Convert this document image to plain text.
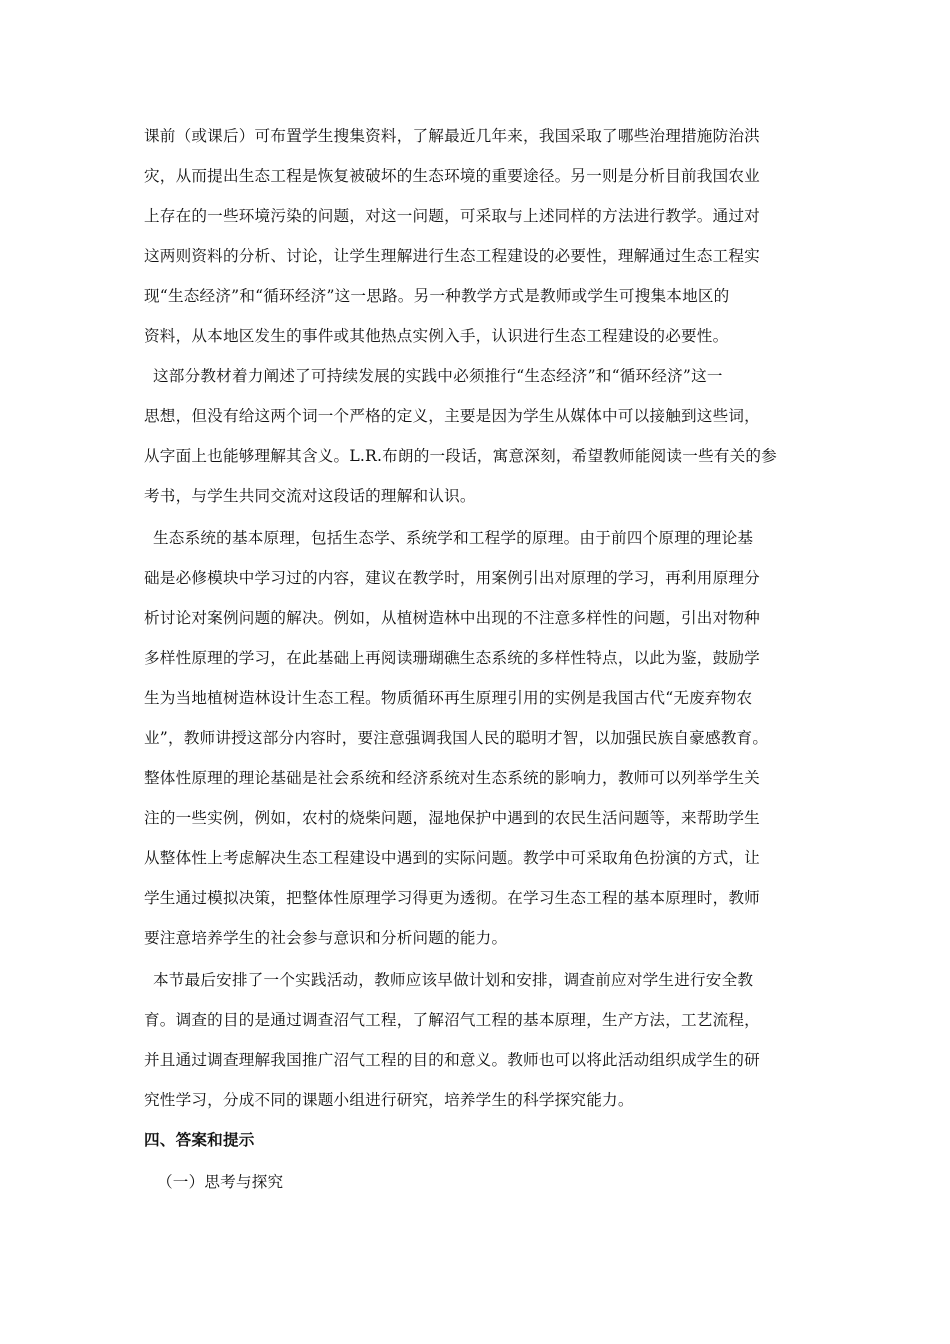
课前（或课后）可布置学生搜集资料，了解最近几年来，我国采取了哪些治理措施防治洪
灾，从而提出生态工程是恢复被破坏的生态环境的重要途径。另一则是分析目前我国农业
上存在的一些环境污染的问题，对这一问题，可采取与上述同样的方法进行教学。通过对
这两则资料的分析、讨论，让学生理解进行生态工程建设的必要性，理解通过生态工程实
现“生态经济”和“循环经济”这一思路。另一种教学方式是教师或学生可搜集本地区的
资料，从本地区发生的事件或其他热点实例入手，认识进行生态工程建设的必要性。
这部分教材着力阐述了可持续发展的实践中必须推行“生态经济”和“循环经济”这一
思想，但没有给这两个词一个严格的定义，主要是因为学生从媒体中可以接触到这些词，
从字面上也能够理解其含义。L.R.布朗的一段话，寓意深刻，希望教师能阅读一些有关的参
考书，与学生共同交流对这段话的理解和认识。
生态系统的基本原理，包括生态学、系统学和工程学的原理。由于前四个原理的理论基
础是必修模块中学习过的内容，建议在教学时，用案例引出对原理的学习，再利用原理分
析讨论对案例问题的解决。例如，从植树造林中出现的不注意多样性的问题，引出对物种
多样性原理的学习，在此基础上再阅读珊瑚礁生态系统的多样性特点，以此为鉴，鼓励学
生为当地植树造林设计生态工程。物质循环再生原理引用的实例是我国古代“无废弃物农
业”，教师讲授这部分内容时，要注意强调我国人民的聪明才智，以加强民族自豪感教育。
整体性原理的理论基础是社会系统和经济系统对生态系统的影响力，教师可以列举学生关
注的一些实例，例如，农村的烧柴问题，湿地保护中遇到的农民生活问题等，来帮助学生
从整体性上考虑解决生态工程建设中遇到的实际问题。教学中可采取角色扮演的方式，让
学生通过模拟决策，把整体性原理学习得更为透彻。在学习生态工程的基本原理时，教师
要注意培养学生的社会参与意识和分析问题的能力。
本节最后安排了一个实践活动，教师应该早做计划和安排，调查前应对学生进行安全教
育。调查的目的是通过调查沼气工程，了解沼气工程的基本原理，生产方法，工艺流程，
并且通过调查理解我国推广沼气工程的目的和意义。教师也可以将此活动组织成学生的研
究性学习，分成不同的课题小组进行研究，培养学生的科学探究能力。
四、答案和提示
（一）思考与探究
